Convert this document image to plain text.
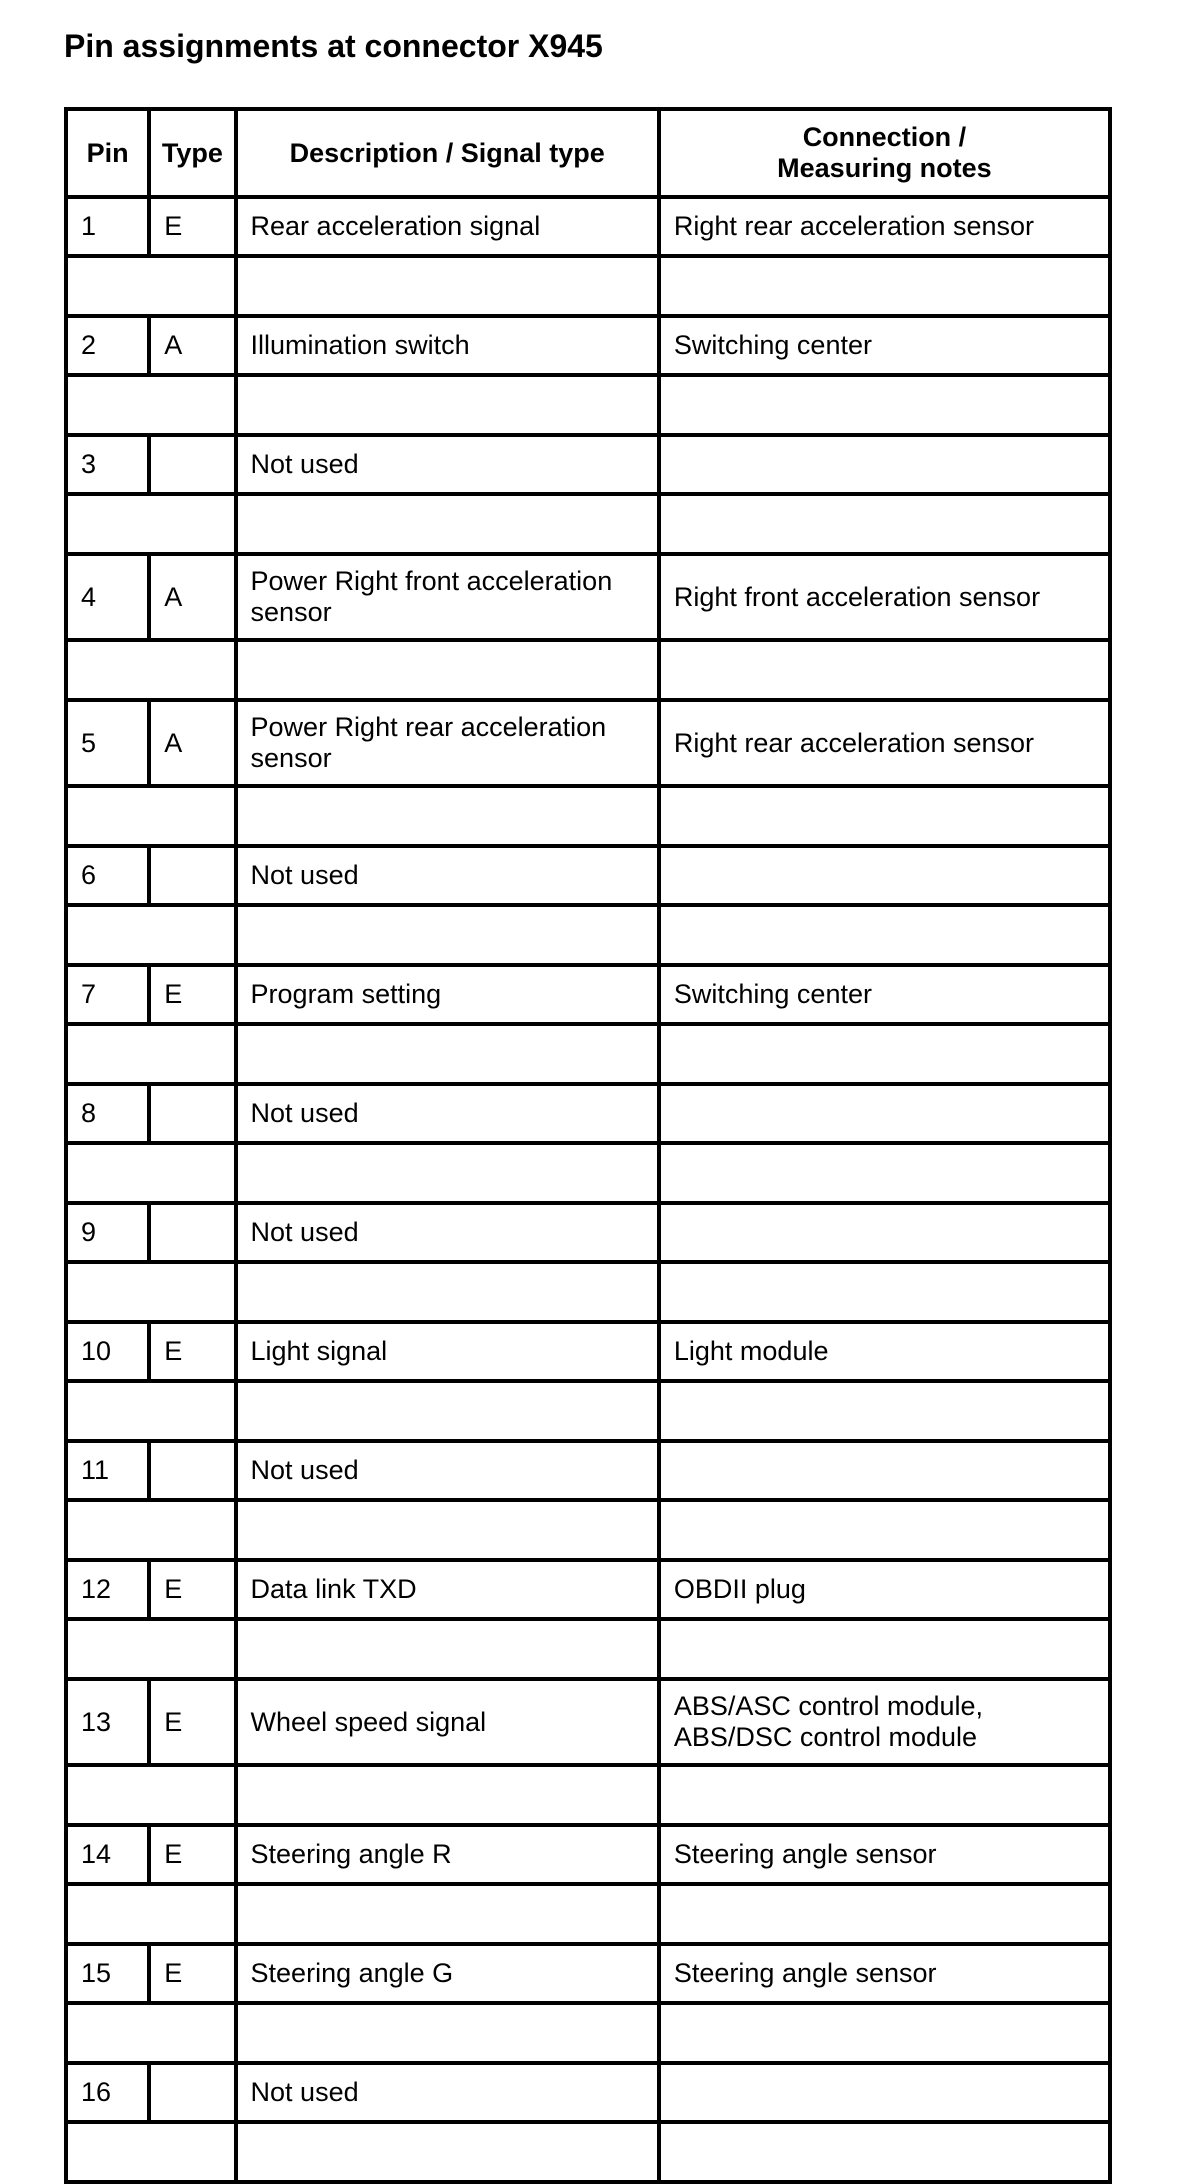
Pin assignments at connector X945
Pin	Type	Description / Signal type	Connection /
Measuring notes

1	E	Rear acceleration signal	Right rear acceleration sensor

2	A	Illumination switch	Switching center

3		Not used	

4	A	Power Right front acceleration
sensor	Right front acceleration sensor

5	A	Power Right rear acceleration
sensor	Right rear acceleration sensor

6		Not used	

7	E	Program setting	Switching center

8		Not used	

9		Not used	

10	E	Light signal	Light module

11		Not used	

12	E	Data link TXD	OBDII plug

13	E	Wheel speed signal	ABS/ASC control module,
ABS/DSC control module

14	E	Steering angle R	Steering angle sensor

15	E	Steering angle G	Steering angle sensor

16		Not used	
